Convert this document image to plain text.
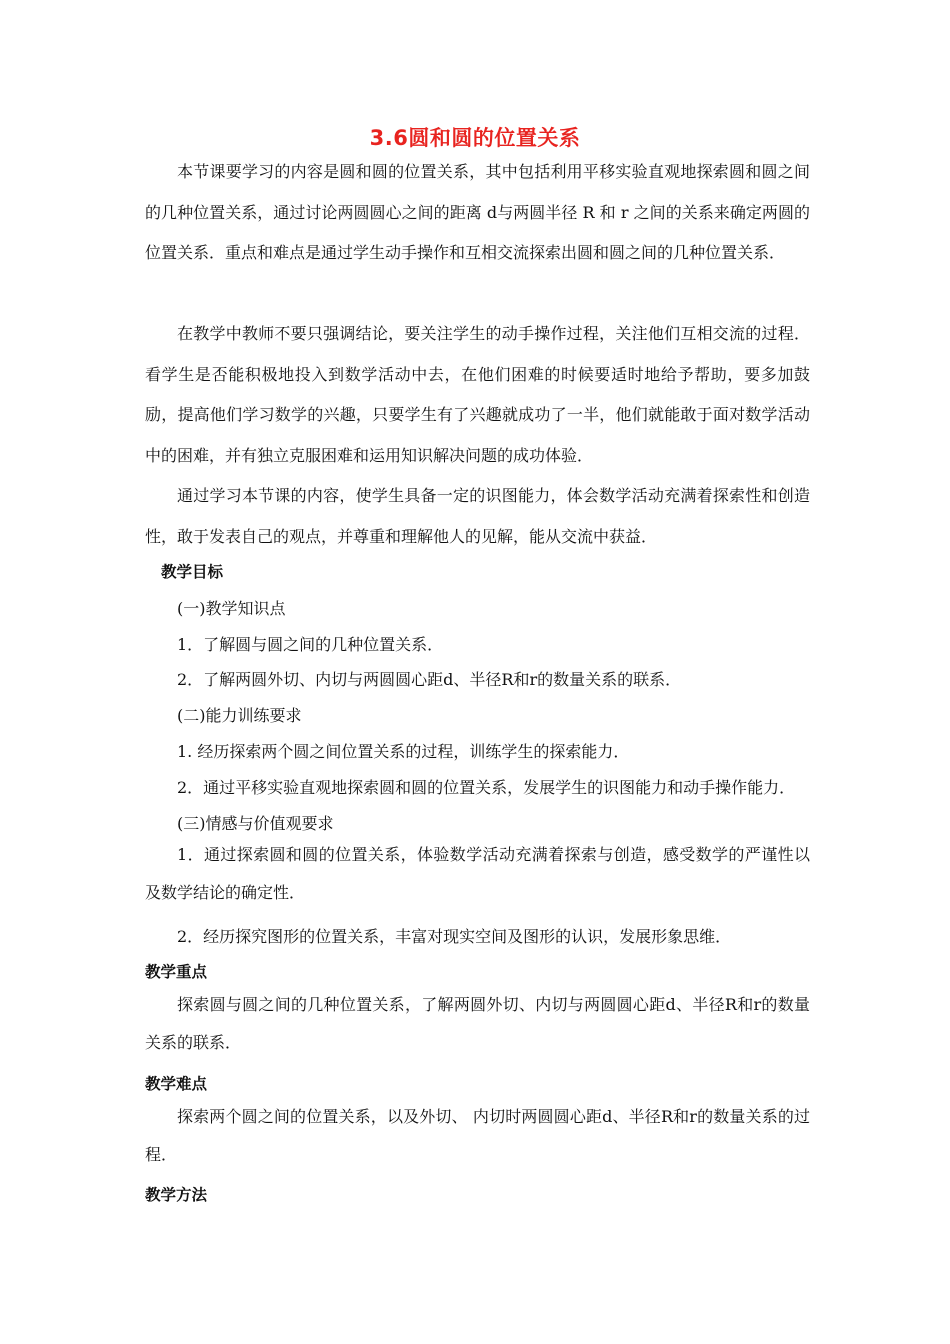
3.6圆和圆的位置关系

本节课要学习的内容是圆和圆的位置关系，其中包括利用平移实验直观地探索圆和圆之间的几种位置关系，通过讨论两圆圆心之间的距离 d与两圆半径 R 和 r 之间的关系来确定两圆的位置关系．重点和难点是通过学生动手操作和互相交流探索出圆和圆之间的几种位置关系．

在教学中教师不要只强调结论，要关注学生的动手操作过程，关注他们互相交流的过程．看学生是否能积极地投入到数学活动中去，在他们困难的时候要适时地给予帮助，要多加鼓励，提高他们学习数学的兴趣，只要学生有了兴趣就成功了一半，他们就能敢于面对数学活动中的困难，并有独立克服困难和运用知识解决问题的成功体验．

通过学习本节课的内容，使学生具备一定的识图能力，体会数学活动充满着探索性和创造性，敢于发表自己的观点，并尊重和理解他人的见解，能从交流中获益．

教学目标
(一)教学知识点
1．了解圆与圆之间的几种位置关系．
2．了解两圆外切、内切与两圆圆心距d、半径R和r的数量关系的联系．
(二)能力训练要求
1. 经历探索两个圆之间位置关系的过程，训练学生的探索能力．
2．通过平移实验直观地探索圆和圆的位置关系，发展学生的识图能力和动手操作能力．
(三)情感与价值观要求

1．通过探索圆和圆的位置关系，体验数学活动充满着探索与创造，感受数学的严谨性以及数学结论的确定性．

2．经历探究图形的位置关系，丰富对现实空间及图形的认识，发展形象思维．
教学重点

探索圆与圆之间的几种位置关系，了解两圆外切、内切与两圆圆心距d、半径R和r的数量关系的联系．

教学难点

探索两个圆之间的位置关系，以及外切、 内切时两圆圆心距d、半径R和r的数量关系的过程．

教学方法
